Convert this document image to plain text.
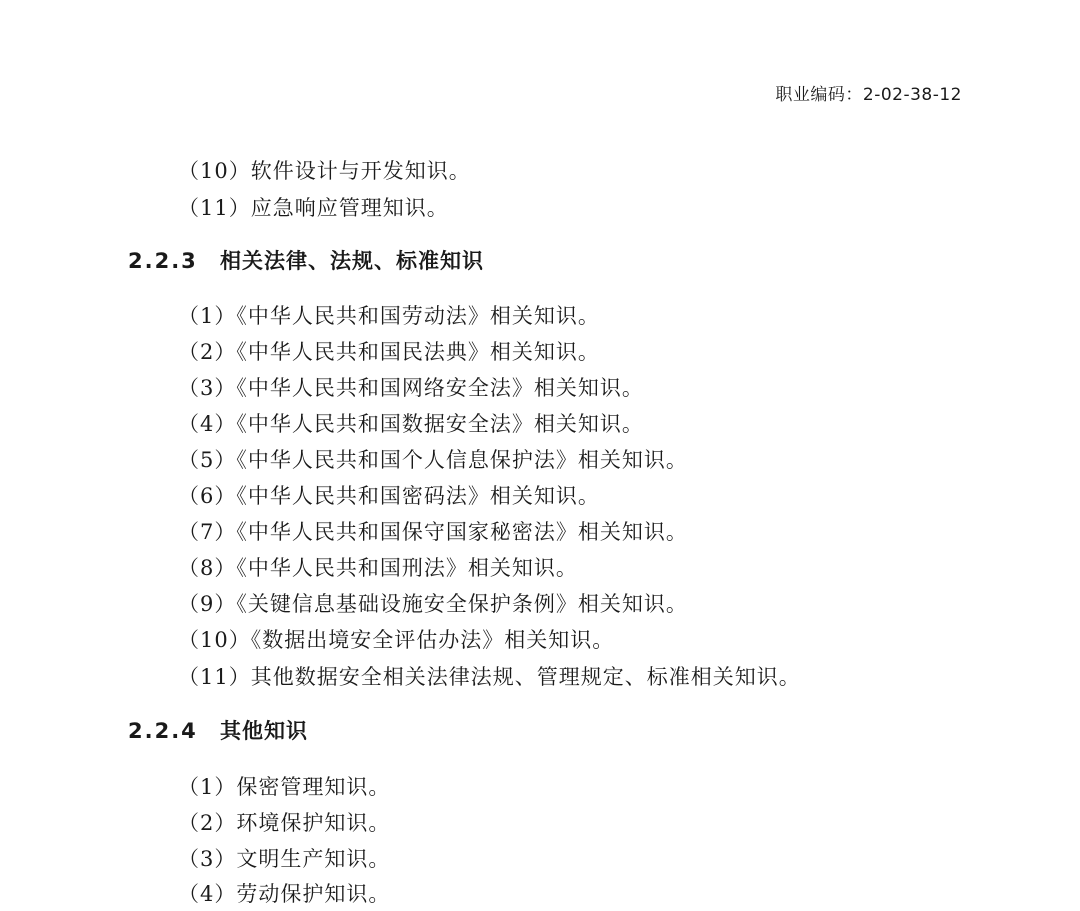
职业编码：2-02-38-12
（10）软件设计与开发知识。
（11）应急响应管理知识。
2.2.3 相关法律、法规、标准知识
（1）《中华人民共和国劳动法》相关知识。
（2）《中华人民共和国民法典》相关知识。
（3）《中华人民共和国网络安全法》相关知识。
（4）《中华人民共和国数据安全法》相关知识。
（5）《中华人民共和国个人信息保护法》相关知识。
（6）《中华人民共和国密码法》相关知识。
（7）《中华人民共和国保守国家秘密法》相关知识。
（8）《中华人民共和国刑法》相关知识。
（9）《关键信息基础设施安全保护条例》相关知识。
（10）《数据出境安全评估办法》相关知识。
（11）其他数据安全相关法律法规、管理规定、标准相关知识。
2.2.4 其他知识
（1）保密管理知识。
（2）环境保护知识。
（3）文明生产知识。
（4）劳动保护知识。
